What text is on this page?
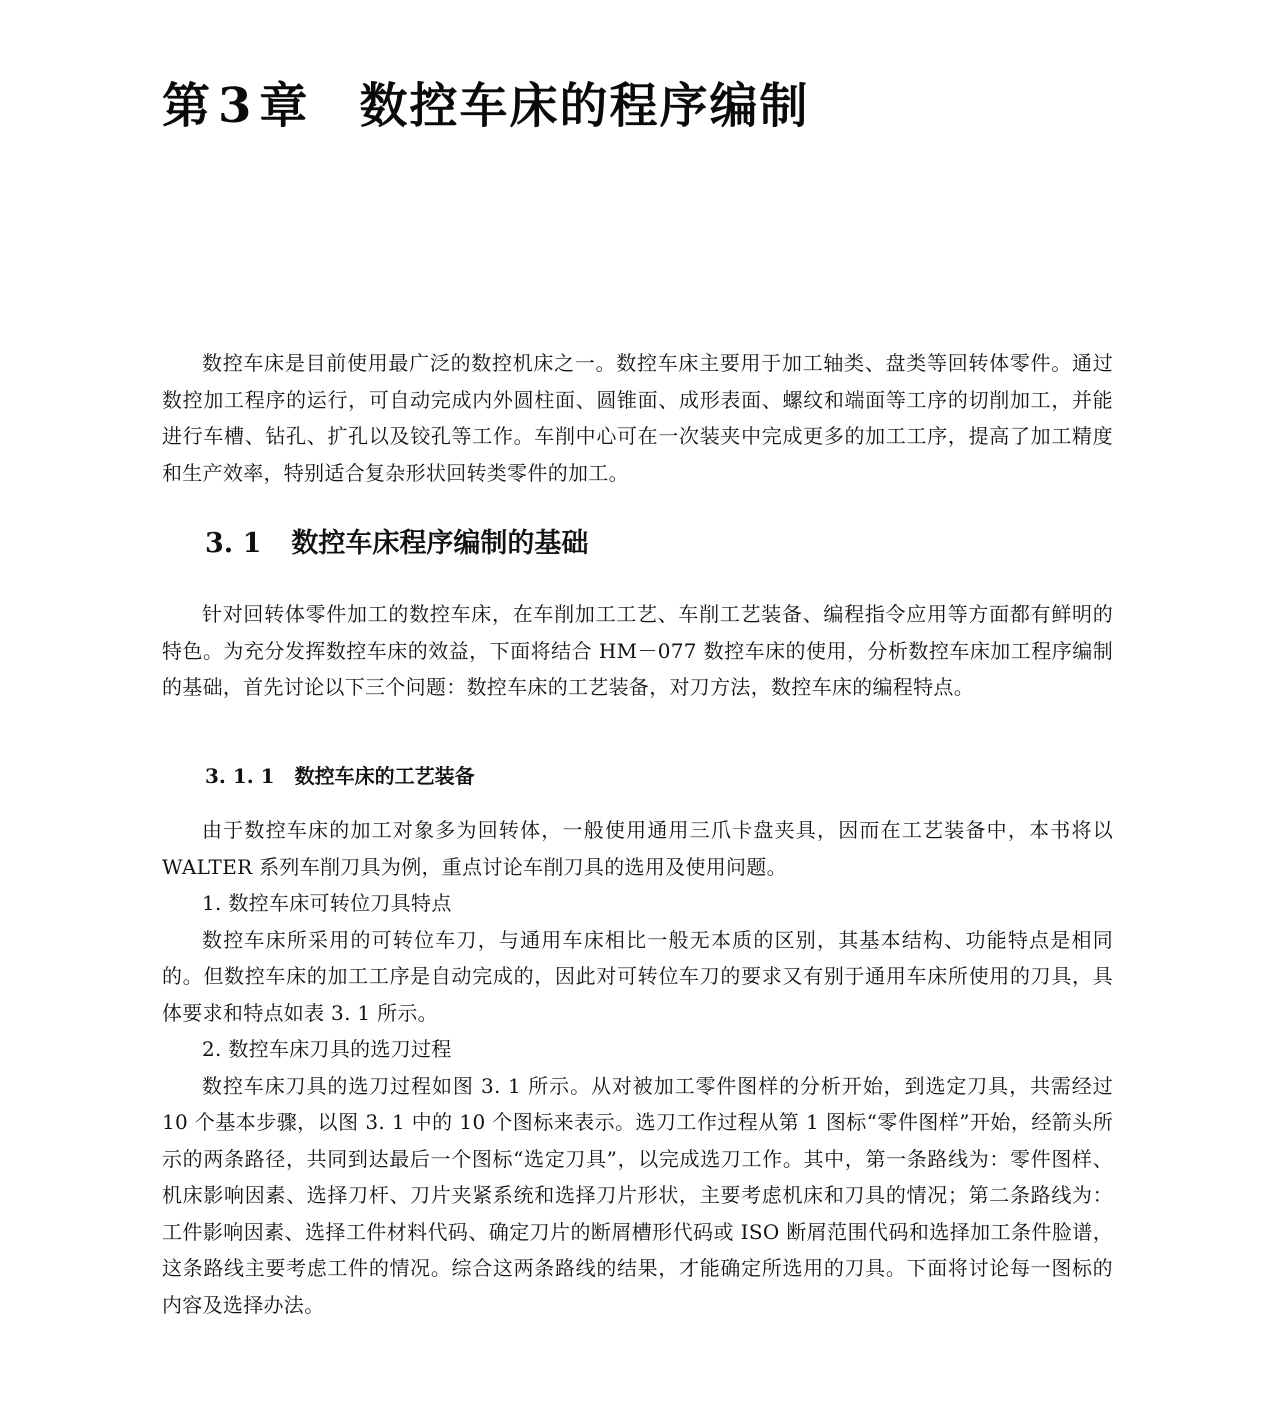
第 3 章 数控车床的程序编制

数控车床是目前使用最广泛的数控机床之一。数控车床主要用于加工轴类、盘类等回转体零件。通过数控加工程序的运行，可自动完成内外圆柱面、圆锥面、成形表面、螺纹和端面等工序的切削加工，并能进行车槽、钻孔、扩孔以及铰孔等工作。车削中心可在一次装夹中完成更多的加工工序，提高了加工精度和生产效率，特别适合复杂形状回转类零件的加工。

3. 1 数控车床程序编制的基础

针对回转体零件加工的数控车床，在车削加工工艺、车削工艺装备、编程指令应用等方面都有鲜明的特色。为充分发挥数控车床的效益，下面将结合 HM－077 数控车床的使用，分析数控车床加工程序编制的基础，首先讨论以下三个问题：数控车床的工艺装备，对刀方法，数控车床的编程特点。

3. 1. 1 数控车床的工艺装备

由于数控车床的加工对象多为回转体，一般使用通用三爪卡盘夹具，因而在工艺装备中，本书将以 WALTER 系列车削刀具为例，重点讨论车削刀具的选用及使用问题。

1. 数控车床可转位刀具特点

数控车床所采用的可转位车刀，与通用车床相比一般无本质的区别，其基本结构、功能特点是相同的。但数控车床的加工工序是自动完成的，因此对可转位车刀的要求又有别于通用车床所使用的刀具，具体要求和特点如表 3. 1 所示。

2. 数控车床刀具的选刀过程

数控车床刀具的选刀过程如图 3. 1 所示。从对被加工零件图样的分析开始，到选定刀具，共需经过 10 个基本步骤，以图 3. 1 中的 10 个图标来表示。选刀工作过程从第 1 图标“零件图样”开始，经箭头所示的两条路径，共同到达最后一个图标“选定刀具”，以完成选刀工作。其中，第一条路线为：零件图样、机床影响因素、选择刀杆、刀片夹紧系统和选择刀片形状，主要考虑机床和刀具的情况；第二条路线为：工件影响因素、选择工件材料代码、确定刀片的断屑槽形代码或 ISO 断屑范围代码和选择加工条件脸谱，这条路线主要考虑工件的情况。综合这两条路线的结果，才能确定所选用的刀具。下面将讨论每一图标的内容及选择办法。
